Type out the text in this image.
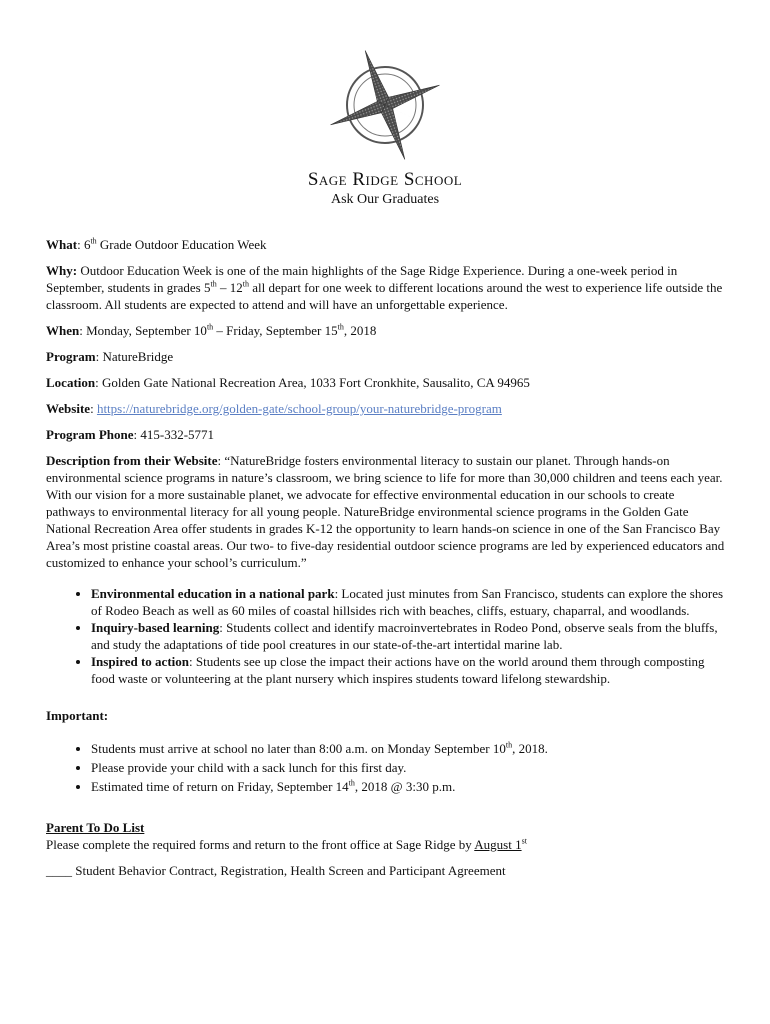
Sage Ridge School
Ask Our Graduates

What: 6th Grade Outdoor Education Week

Why: Outdoor Education Week is one of the main highlights of the Sage Ridge Experience. During a one-week period in September, students in grades 5th – 12th all depart for one week to different locations around the west to experience life outside the classroom. All students are expected to attend and will have an unforgettable experience.

When: Monday, September 10th – Friday, September 15th, 2018

Program: NatureBridge

Location: Golden Gate National Recreation Area, 1033 Fort Cronkhite, Sausalito, CA 94965

Website: https://naturebridge.org/golden-gate/school-group/your-naturebridge-program

Program Phone: 415-332-5771

Description from their Website: “NatureBridge fosters environmental literacy to sustain our planet. Through hands-on environmental science programs in nature’s classroom, we bring science to life for more than 30,000 children and teens each year. With our vision for a more sustainable planet, we advocate for effective environmental education in our schools to create pathways to environmental literacy for all young people. NatureBridge environmental science programs in the Golden Gate National Recreation Area offer students in grades K-12 the opportunity to learn hands-on science in one of the San Francisco Bay Area’s most pristine coastal areas. Our two- to five-day residential outdoor science programs are led by experienced educators and customized to enhance your school’s curriculum.”

• Environmental education in a national park: Located just minutes from San Francisco, students can explore the shores of Rodeo Beach as well as 60 miles of coastal hillsides rich with beaches, cliffs, estuary, chaparral, and woodlands.
• Inquiry-based learning: Students collect and identify macroinvertebrates in Rodeo Pond, observe seals from the bluffs, and study the adaptations of tide pool creatures in our state-of-the-art intertidal marine lab.
• Inspired to action: Students see up close the impact their actions have on the world around them through composting food waste or volunteering at the plant nursery which inspires students toward lifelong stewardship.

Important:

• Students must arrive at school no later than 8:00 a.m. on Monday September 10th, 2018.
• Please provide your child with a sack lunch for this first day.
• Estimated time of return on Friday, September 14th, 2018 @ 3:30 p.m.

Parent To Do List

Please complete the required forms and return to the front office at Sage Ridge by August 1st

____ Student Behavior Contract, Registration, Health Screen and Participant Agreement
